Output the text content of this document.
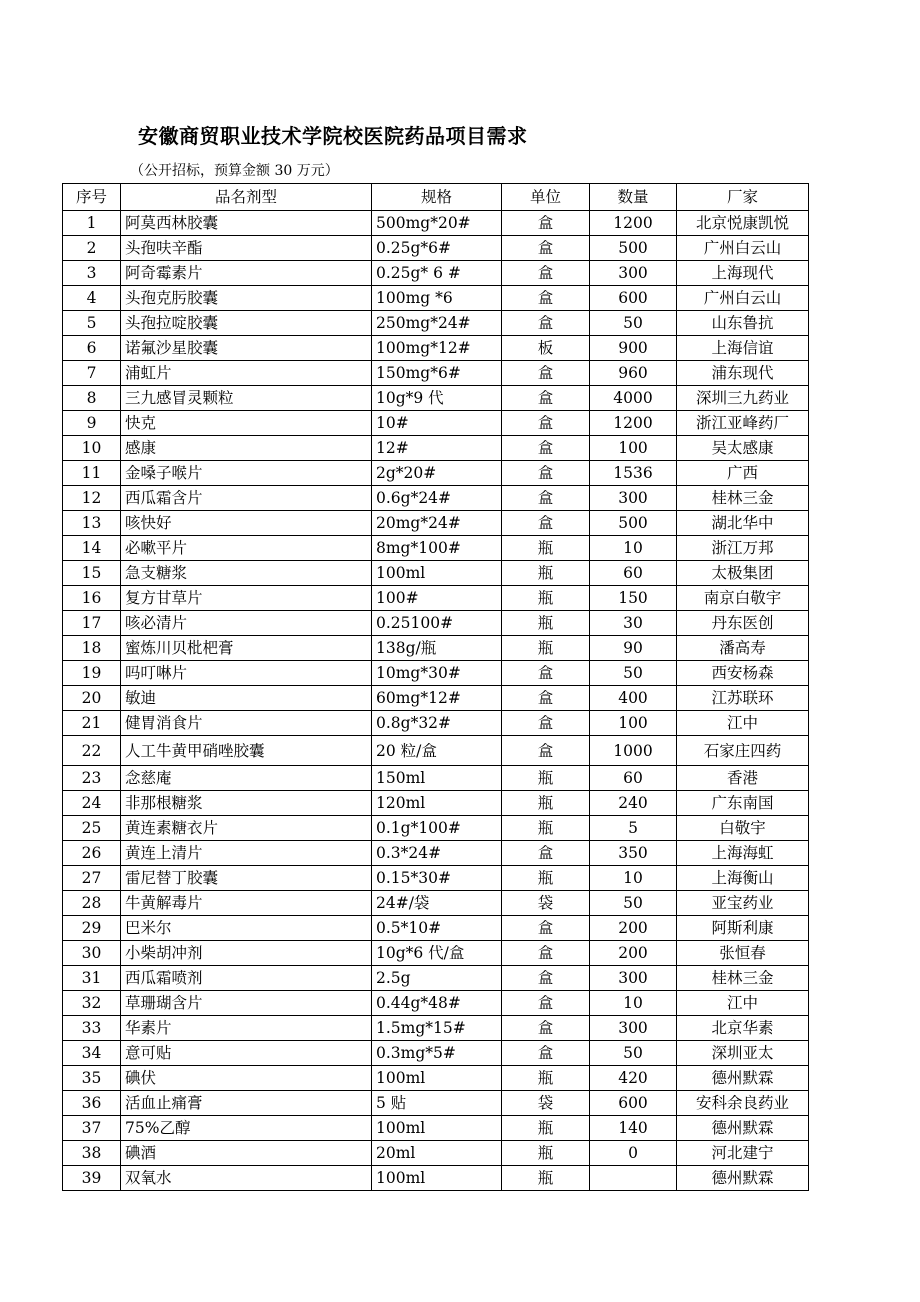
安徽商贸职业技术学院校医院药品项目需求
（公开招标，预算金额 30 万元）
序号	品名剂型	规格	单位	数量	厂家
1	阿莫西林胶囊	500mg*20#	盒	1200	北京悦康凯悦
2	头孢呋辛酯	0.25g*6#	盒	500	广州白云山
3	阿奇霉素片	0.25g* 6 #	盒	300	上海现代
4	头孢克肟胶囊	100mg *6	盒	600	广州白云山
5	头孢拉啶胶囊	250mg*24#	盒	50	山东鲁抗
6	诺氟沙星胶囊	100mg*12#	板	900	上海信谊
7	浦虹片	150mg*6#	盒	960	浦东现代
8	三九感冒灵颗粒	10g*9 代	盒	4000	深圳三九药业
9	快克	10#	盒	1200	浙江亚峰药厂
10	感康	12#	盒	100	吴太感康
11	金嗓子喉片	2g*20#	盒	1536	广西
12	西瓜霜含片	0.6g*24#	盒	300	桂林三金
13	咳快好	20mg*24#	盒	500	湖北华中
14	必嗽平片	8mg*100#	瓶	10	浙江万邦
15	急支糖浆	100ml	瓶	60	太极集团
16	复方甘草片	100#	瓶	150	南京白敬宇
17	咳必清片	0.25100#	瓶	30	丹东医创
18	蜜炼川贝枇杷膏	138g/瓶	瓶	90	潘高寿
19	吗叮啉片	10mg*30#	盒	50	西安杨森
20	敏迪	60mg*12#	盒	400	江苏联环
21	健胃消食片	0.8g*32#	盒	100	江中
22	人工牛黄甲硝唑胶囊	20 粒/盒	盒	1000	石家庄四药
23	念慈庵	150ml	瓶	60	香港
24	非那根糖浆	120ml	瓶	240	广东南国
25	黄连素糖衣片	0.1g*100#	瓶	5	白敬宇
26	黄连上清片	0.3*24#	盒	350	上海海虹
27	雷尼替丁胶囊	0.15*30#	瓶	10	上海衡山
28	牛黄解毒片	24#/袋	袋	50	亚宝药业
29	巴米尔	0.5*10#	盒	200	阿斯利康
30	小柴胡冲剂	10g*6 代/盒	盒	200	张恒春
31	西瓜霜喷剂	2.5g	盒	300	桂林三金
32	草珊瑚含片	0.44g*48#	盒	10	江中
33	华素片	1.5mg*15#	盒	300	北京华素
34	意可贴	0.3mg*5#	盒	50	深圳亚太
35	碘伏	100ml	瓶	420	德州默霖
36	活血止痛膏	5 贴	袋	600	安科余良药业
37	75%乙醇	100ml	瓶	140	德州默霖
38	碘酒	20ml	瓶	0	河北建宁
39	双氧水	100ml	瓶		德州默霖
